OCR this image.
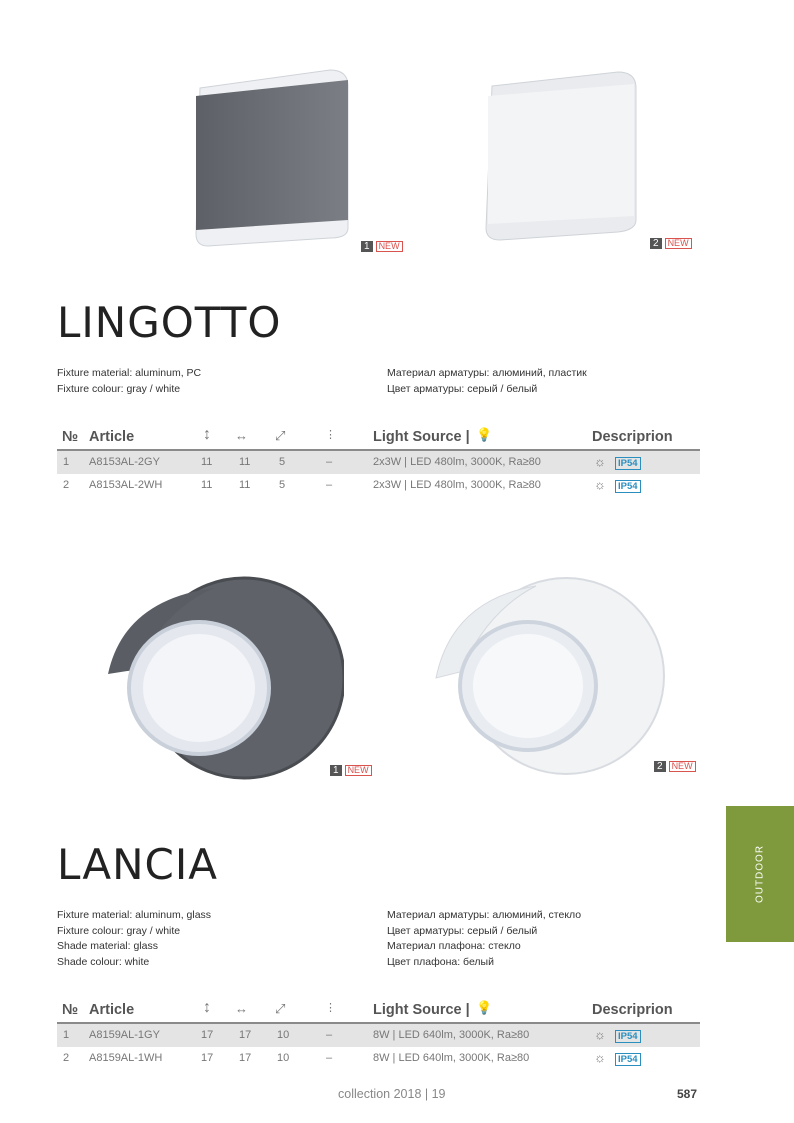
1	NEW	2	NEW
LINGOTTO
Fixture material: aluminum, PC
Fixture colour: gray / white
Материал арматуры: алюминий, пластик
Цвет арматуры: серый / белый
№ Article	↕ ↔ ⤢	⋮	Light Source | 💡	Descriprion
1 A8153AL-2GY	11 11	5	–	2x3W | LED 480lm, 3000K, Ra≥80	☼	IP54
2 A8153AL-2WH	11 11	5	–	2x3W | LED 480lm, 3000K, Ra≥80	☼	IP54
1	NEW	2	NEW
LANCIA
Fixture material: aluminum, glass
Fixture colour: gray / white
Shade material: glass
Shade colour: white
Материал арматуры: алюминий, стекло
Цвет арматуры: серый / белый
Материал плафона: стекло
Цвет плафона: белый
№ Article	↕ ↔ ⤢	⋮	Light Source | 💡	Descriprion
1 A8159AL-1GY	17 17 10	–	8W | LED 640lm, 3000K, Ra≥80	☼	IP54
2 A8159AL-1WH	17 17 10	–	8W | LED 640lm, 3000K, Ra≥80	☼	IP54
OUTDOOR
collection 2018 | 19	587
